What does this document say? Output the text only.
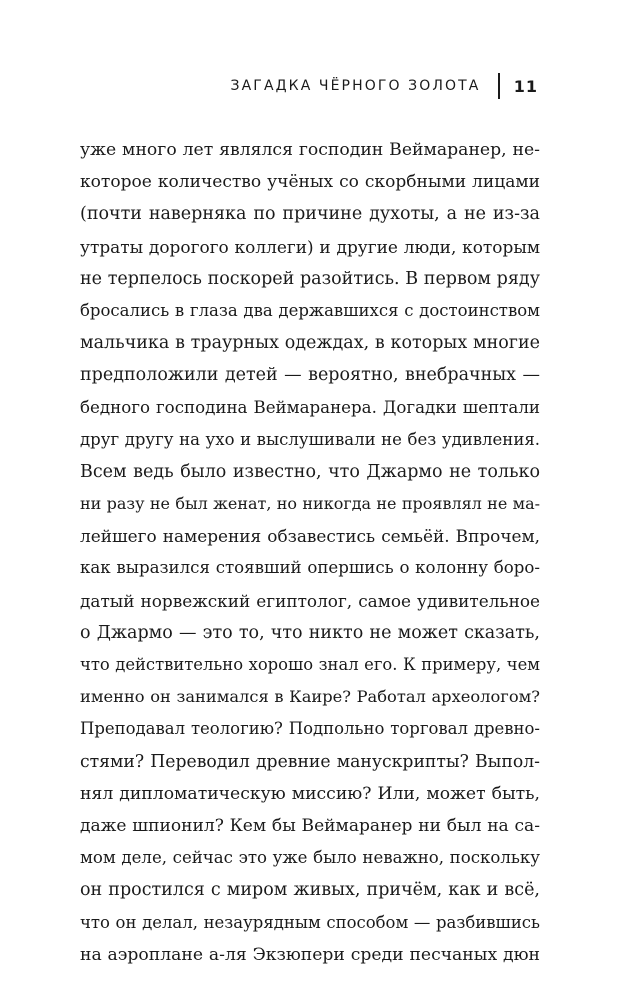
ЗАГАДКА ЧЁРНОГО ЗОЛОТА 11
уже много лет являлся господин Веймаранер, не-
которое количество учёных со скорбными лицами
(почти наверняка по причине духоты, а не из-за
утраты дорогого коллеги) и другие люди, которым
не терпелось поскорей разойтись. В первом ряду
бросались в глаза два державшихся с достоинством
мальчика в траурных одеждах, в которых многие
предположили детей — вероятно, внебрачных —
бедного господина Веймаранера. Догадки шептали
друг другу на ухо и выслушивали не без удивления.
Всем ведь было известно, что Джармо не только
ни разу не был женат, но никогда не проявлял не ма-
лейшего намерения обзавестись семьёй. Впрочем,
как выразился стоявший опершись о колонну боро-
датый норвежский египтолог, самое удивительное
о Джармо — это то, что никто не может сказать,
что действительно хорошо знал его. К примеру, чем
именно он занимался в Каире? Работал археологом?
Преподавал теологию? Подпольно торговал древно-
стями? Переводил древние манускрипты? Выпол-
нял дипломатическую миссию? Или, может быть,
даже шпионил? Кем бы Веймаранер ни был на са-
мом деле, сейчас это уже было неважно, поскольку
он простился с миром живых, причём, как и всё,
что он делал, незаурядным способом — разбившись
на аэроплане а-ля Экзюпери среди песчаных дюн
